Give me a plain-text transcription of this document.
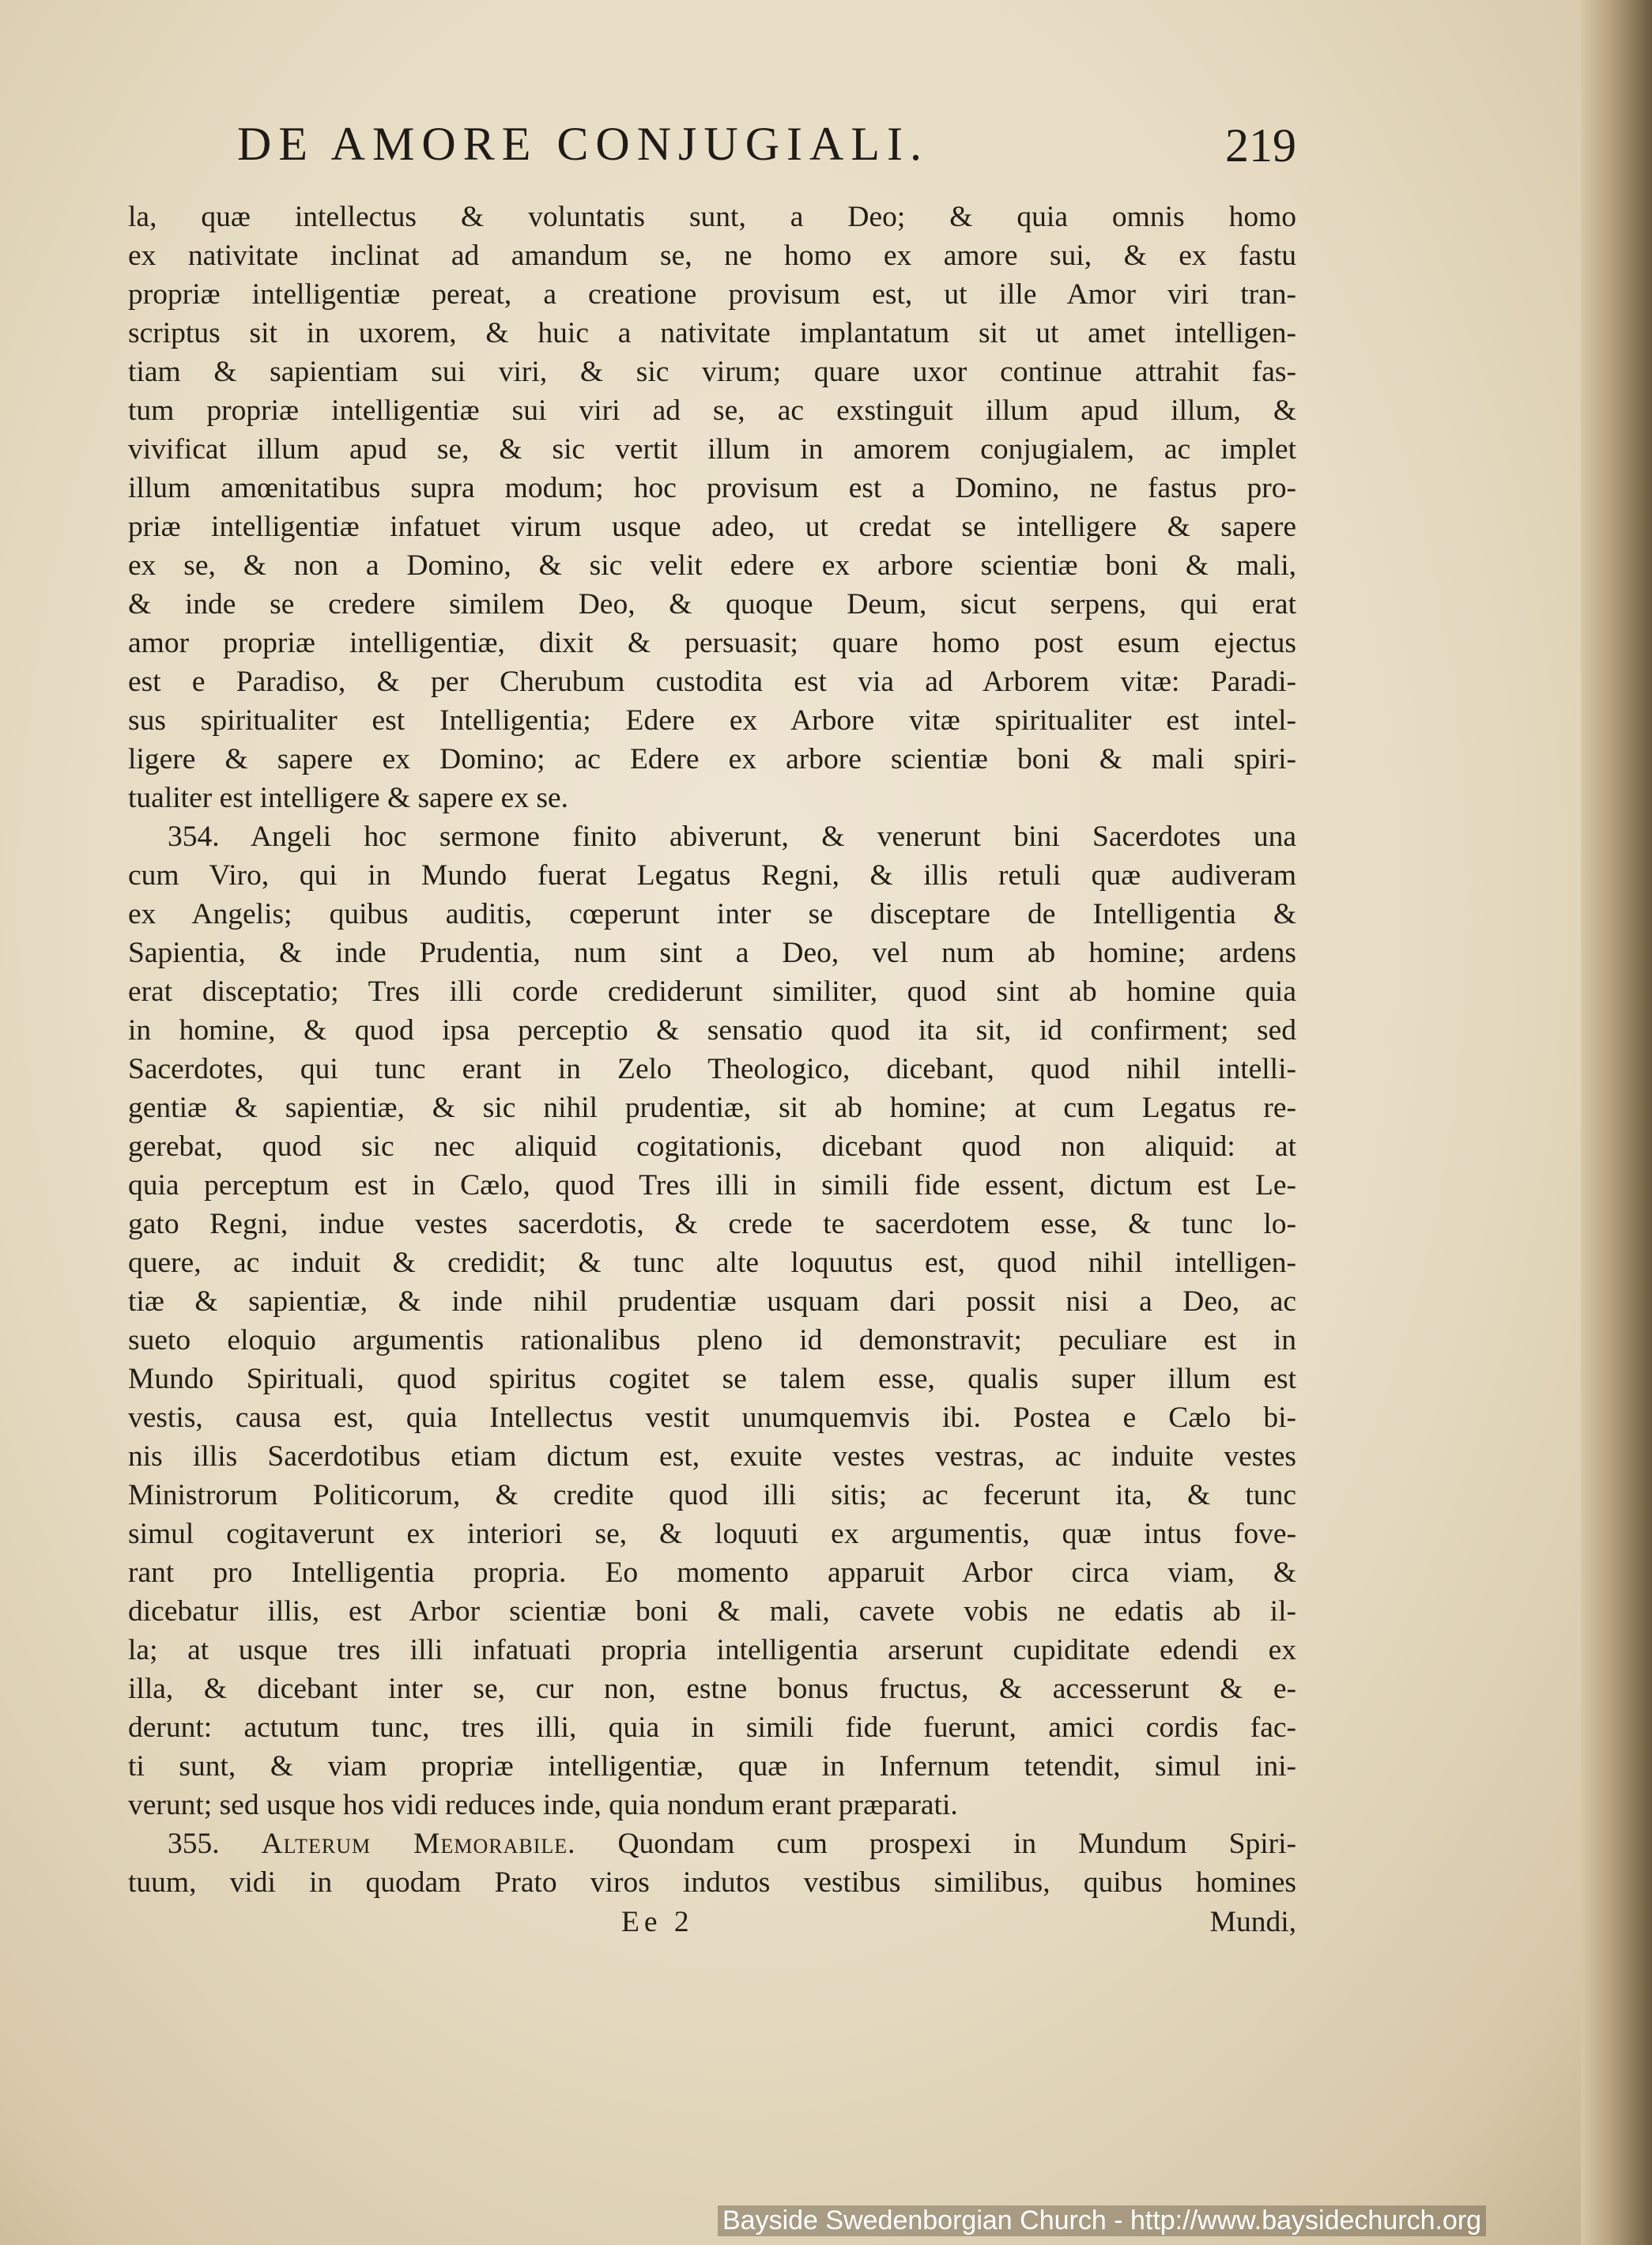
DE AMORE CONJUGIALI.	219
la, quæ intellectus & voluntatis sunt, a Deo; & quia omnis homo
ex nativitate inclinat ad amandum se, ne homo ex amore sui, & ex fastu
propriæ intelligentiæ pereat, a creatione provisum est, ut ille Amor viri tran-
scriptus sit in uxorem, & huic a nativitate implantatum sit ut amet intelligen-
tiam & sapientiam sui viri, & sic virum; quare uxor continue attrahit fas-
tum propriæ intelligentiæ sui viri ad se, ac exstinguit illum apud illum, &
vivificat illum apud se, & sic vertit illum in amorem conjugialem, ac implet
illum amœnitatibus supra modum; hoc provisum est a Domino, ne fastus pro-
priæ intelligentiæ infatuet virum usque adeo, ut credat se intelligere & sapere
ex se, & non a Domino, & sic velit edere ex arbore scientiæ boni & mali,
& inde se credere similem Deo, & quoque Deum, sicut serpens, qui erat
amor propriæ intelligentiæ, dixit & persuasit; quare homo post esum ejectus
est e Paradiso, & per Cherubum custodita est via ad Arborem vitæ: Paradi-
sus spiritualiter est Intelligentia; Edere ex Arbore vitæ spiritualiter est intel-
ligere & sapere ex Domino; ac Edere ex arbore scientiæ boni & mali spiri-
tualiter est intelligere & sapere ex se.
354. Angeli hoc sermone finito abiverunt, & venerunt bini Sacerdotes una
cum Viro, qui in Mundo fuerat Legatus Regni, & illis retuli quæ audiveram
ex Angelis; quibus auditis, cœperunt inter se disceptare de Intelligentia &
Sapientia, & inde Prudentia, num sint a Deo, vel num ab homine; ardens
erat disceptatio; Tres illi corde crediderunt similiter, quod sint ab homine quia
in homine, & quod ipsa perceptio & sensatio quod ita sit, id confirment; sed
Sacerdotes, qui tunc erant in Zelo Theologico, dicebant, quod nihil intelli-
gentiæ & sapientiæ, & sic nihil prudentiæ, sit ab homine; at cum Legatus re-
gerebat, quod sic nec aliquid cogitationis, dicebant quod non aliquid: at
quia perceptum est in Cælo, quod Tres illi in simili fide essent, dictum est Le-
gato Regni, indue vestes sacerdotis, & crede te sacerdotem esse, & tunc lo-
quere, ac induit & credidit; & tunc alte loquutus est, quod nihil intelligen-
tiæ & sapientiæ, & inde nihil prudentiæ usquam dari possit nisi a Deo, ac
sueto eloquio argumentis rationalibus pleno id demonstravit; peculiare est in
Mundo Spirituali, quod spiritus cogitet se talem esse, qualis super illum est
vestis, causa est, quia Intellectus vestit unumquemvis ibi. Postea e Cælo bi-
nis illis Sacerdotibus etiam dictum est, exuite vestes vestras, ac induite vestes
Ministrorum Politicorum, & credite quod illi sitis; ac fecerunt ita, & tunc
simul cogitaverunt ex interiori se, & loquuti ex argumentis, quæ intus fove-
rant pro Intelligentia propria. Eo momento apparuit Arbor circa viam, &
dicebatur illis, est Arbor scientiæ boni & mali, cavete vobis ne edatis ab il-
la; at usque tres illi infatuati propria intelligentia arserunt cupiditate edendi ex
illa, & dicebant inter se, cur non, estne bonus fructus, & accesserunt & e-
derunt: actutum tunc, tres illi, quia in simili fide fuerunt, amici cordis fac-
ti sunt, & viam propriæ intelligentiæ, quæ in Infernum tetendit, simul ini-
verunt; sed usque hos vidi reduces inde, quia nondum erant præparati.
355. Alterum Memorabile. Quondam cum prospexi in Mundum Spiri-
tuum, vidi in quodam Prato viros indutos vestibus similibus, quibus homines
Ee 2	Mundi,
Bayside Swedenborgian Church - http://www.baysidechurch.org
